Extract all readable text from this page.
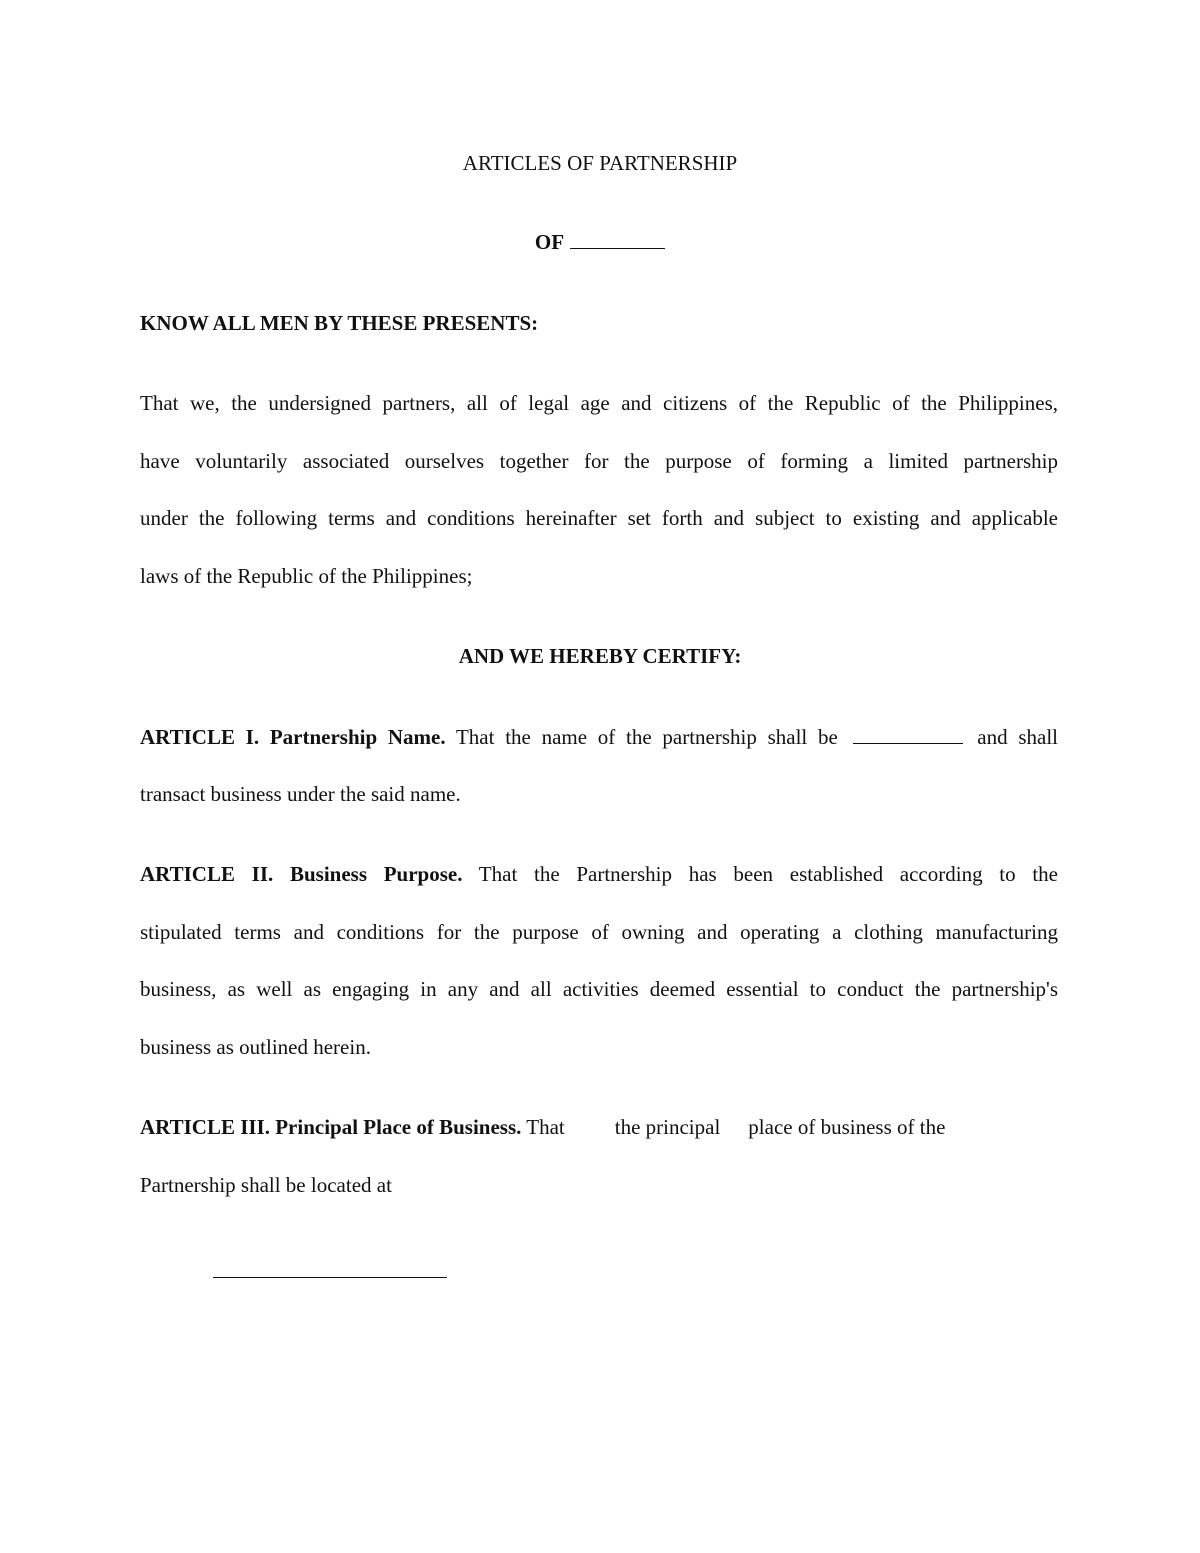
ARTICLES OF PARTNERSHIP
OF
KNOW ALL MEN BY THESE PRESENTS:
That we, the undersigned partners, all of legal age and citizens of the Republic of the Philippines,
have voluntarily associated ourselves together for the purpose of forming a limited partnership
under the following terms and conditions hereinafter set forth and subject to existing and applicable
laws of the Republic of the Philippines;
AND WE HEREBY CERTIFY:
ARTICLE I. Partnership Name. That the name of the partnership shall be	and shall
transact business under the said name.
ARTICLE II. Business Purpose. That the Partnership has been established according to the
stipulated terms and conditions for the purpose of owning and operating a clothing manufacturing
business, as well as engaging in any and all activities deemed essential to conduct the partnership's
business as outlined herein.
ARTICLE III. Principal Place of Business. That the principal place of business of the
Partnership shall be located at
